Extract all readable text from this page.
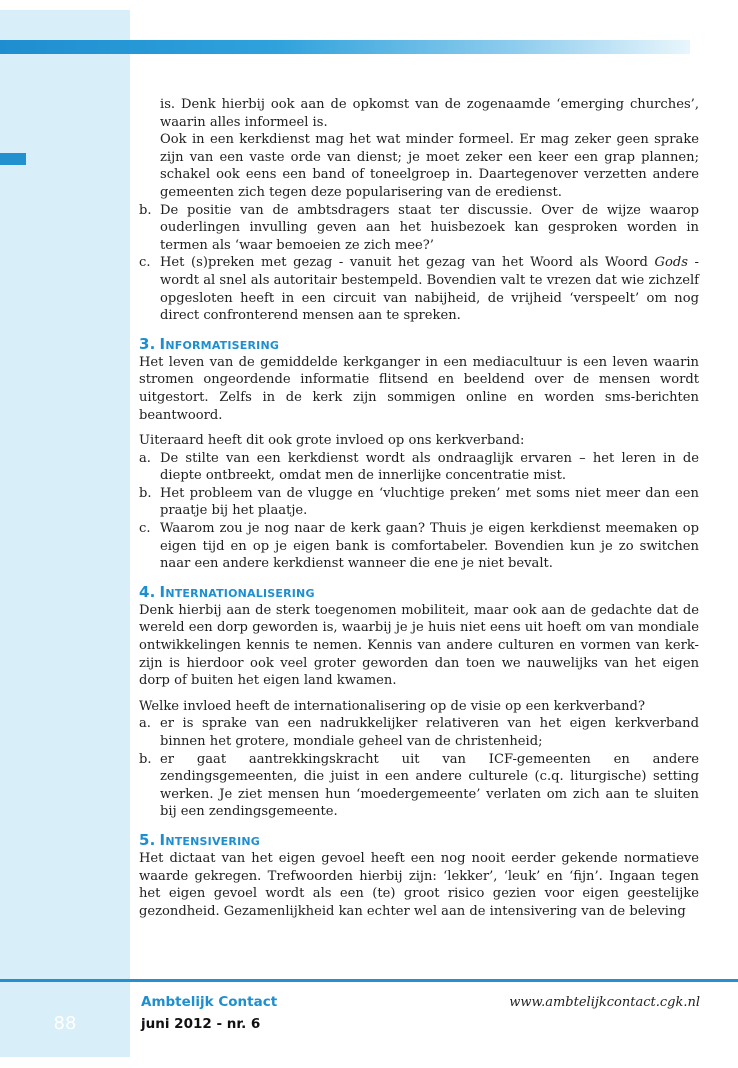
is. Denk hierbij ook aan de opkomst van de zogenaamde ‘emerging churches’, waarin alles informeel is.

Ook in een kerkdienst mag het wat minder formeel. Er mag zeker geen sprake zijn van een vaste orde van dienst; je moet zeker een keer een grap plannen; schakel ook eens een band of toneelgroep in. Daartegenover verzetten andere gemeenten zich tegen deze popularisering van de eredienst.

b. De positie van de ambtsdragers staat ter discussie. Over de wijze waarop ouderlingen invulling geven aan het huisbezoek kan gesproken worden in termen als ‘waar bemoeien ze zich mee?’
c. Het (s)preken met gezag - vanuit het gezag van het Woord als Woord Gods - wordt al snel als autoritair bestempeld. Bovendien valt te vrezen dat wie zichzelf opgesloten heeft in een circuit van nabijheid, de vrijheid ‘verspeelt’ om nog direct confronterend mensen aan te spreken.
3. Informatisering

Het leven van de gemiddelde kerkganger in een mediacultuur is een leven waarin stromen ongeordende informatie flitsend en beeldend over de mensen wordt uitgestort. Zelfs in de kerk zijn sommigen online en worden sms-berichten beantwoord.

Uiteraard heeft dit ook grote invloed op ons kerkverband:

a. De stilte van een kerkdienst wordt als ondraaglijk ervaren – het leren in de diepte ontbreekt, omdat men de innerlijke concentratie mist.
b. Het probleem van de vlugge en ‘vluchtige preken’ met soms niet meer dan een praatje bij het plaatje.
c. Waarom zou je nog naar de kerk gaan? Thuis je eigen kerkdienst meemaken op eigen tijd en op je eigen bank is comfortabeler. Bovendien kun je zo switchen naar een andere kerkdienst wanneer die ene je niet bevalt.
4. Internationalisering

Denk hierbij aan de sterk toegenomen mobiliteit, maar ook aan de gedachte dat de wereld een dorp geworden is, waarbij je je huis niet eens uit hoeft om van mondiale ontwikkelingen kennis te nemen. Kennis van andere culturen en vormen van kerk-zijn is hierdoor ook veel groter geworden dan toen we nauwelijks van het eigen dorp of buiten het eigen land kwamen.

Welke invloed heeft de internationalisering op de visie op een kerkverband?

a. er is sprake van een nadrukkelijker relativeren van het eigen kerkverband binnen het grotere, mondiale geheel van de christenheid;
b. er gaat aantrekkingskracht uit van ICF-gemeenten en andere zendingsgemeenten, die juist in een andere culturele (c.q. liturgische) setting werken. Je ziet mensen hun ‘moedergemeente’ verlaten om zich aan te sluiten bij een zendingsgemeente.
5. Intensivering

Het dictaat van het eigen gevoel heeft een nog nooit eerder gekende normatieve waarde gekregen. Trefwoorden hierbij zijn: ‘lekker’, ‘leuk’ en ‘fijn’. Ingaan tegen het eigen gevoel wordt als een (te) groot risico gezien voor eigen geestelijke gezondheid. Gezamenlijkheid kan echter wel aan de intensivering van de beleving

88
Ambtelijk Contact
juni 2012 - nr. 6
www.ambtelijkcontact.cgk.nl
